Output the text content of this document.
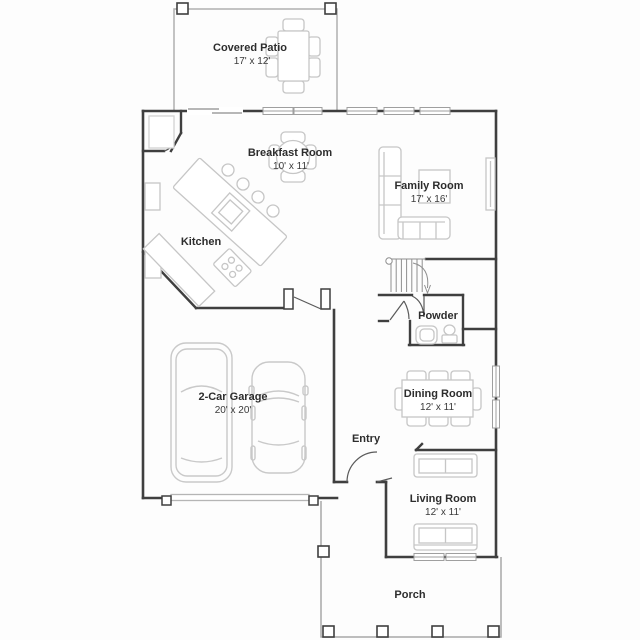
Covered Patio
17' x 12'
Breakfast Room
10' x 11'
Family Room
17' x 16'
Kitchen
Powder
2-Car Garage
20' x 20'
Dining Room
12' x 11'
Entry
Living Room
12' x 11'
Porch
